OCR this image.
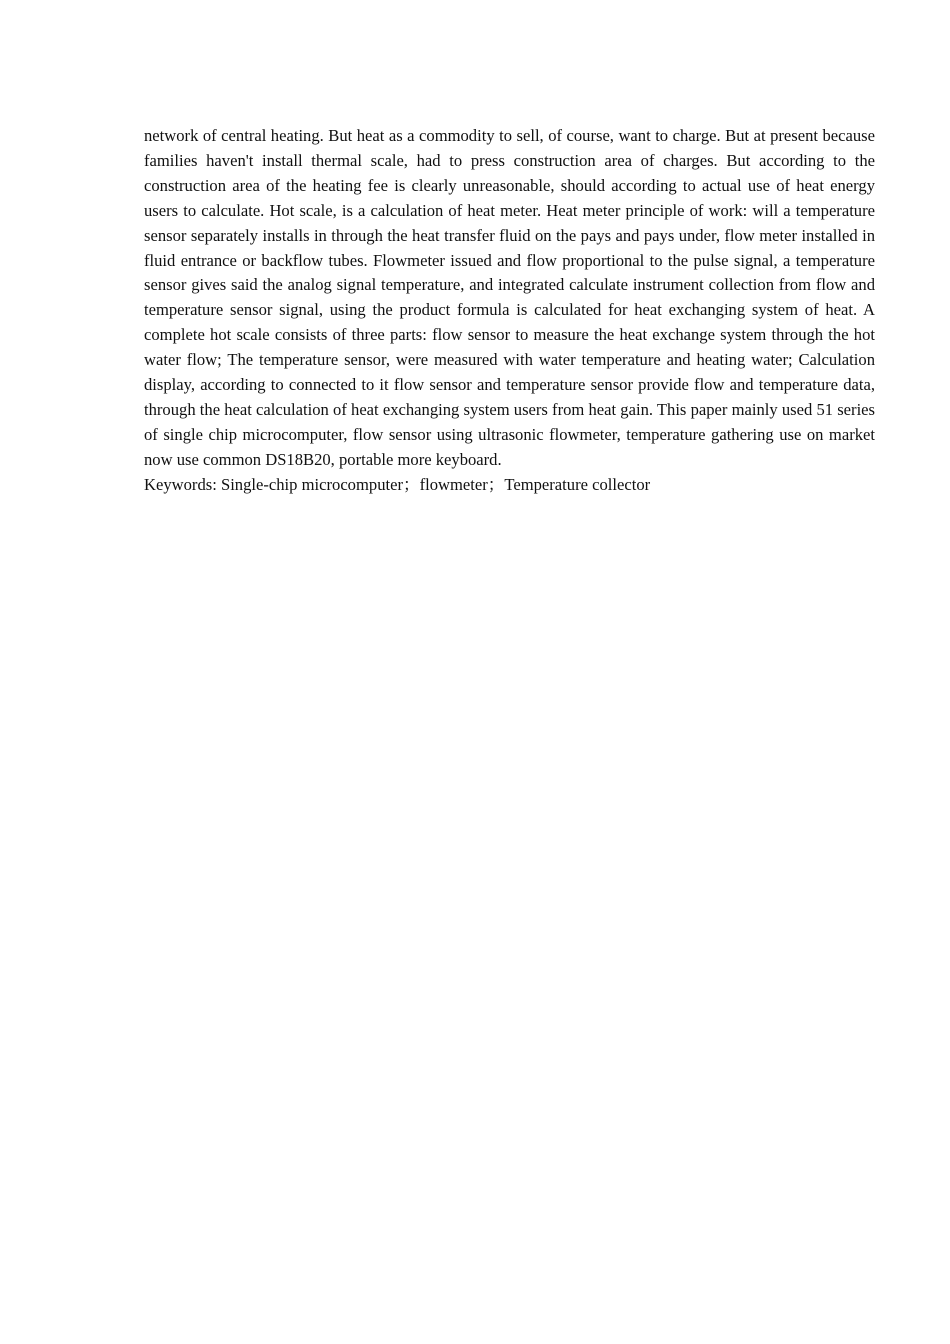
network of central heating. But heat as a commodity to sell, of course, want to charge. But at present because families haven't install thermal scale, had to press construction area of charges. But according to the construction area of the heating fee is clearly unreasonable, should according to actual use of heat energy users to calculate. Hot scale, is a calculation of heat meter. Heat meter principle of work: will a temperature sensor separately installs in through the heat transfer fluid on the pays and pays under, flow meter installed in fluid entrance or backflow tubes. Flowmeter issued and flow proportional to the pulse signal, a temperature sensor gives said the analog signal temperature, and integrated calculate instrument collection from flow and temperature sensor signal, using the product formula is calculated for heat exchanging system of heat. A complete hot scale consists of three parts: flow sensor to measure the heat exchange system through the hot water flow; The temperature sensor, were measured with water temperature and heating water; Calculation display, according to connected to it flow sensor and temperature sensor provide flow and temperature data, through the heat calculation of heat exchanging system users from heat gain. This paper mainly used 51 series of single chip microcomputer, flow sensor using ultrasonic flowmeter, temperature gathering use on market now use common DS18B20, portable more keyboard.

Keywords: Single-chip microcomputer；flowmeter；Temperature collector
